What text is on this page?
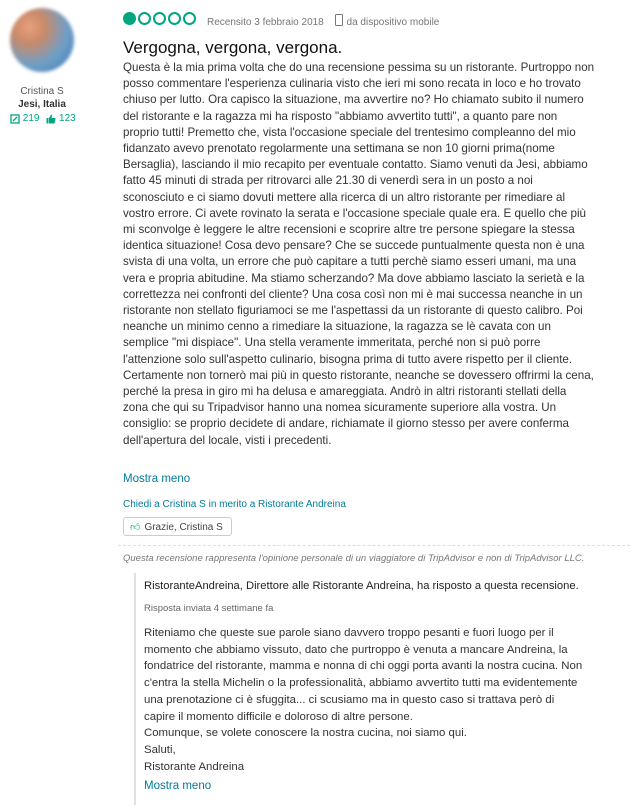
Cristina S
Jesi, Italia
219 123
Recensito 3 febbraio 2018 da dispositivo mobile
Vergogna, vergona, vergona.

Questa è la mia prima volta che do una recensione pessima su un ristorante. Purtroppo non
posso commentare l'esperienza culinaria visto che ieri mi sono recata in loco e ho trovato
chiuso per lutto. Ora capisco la situazione, ma avvertire no? Ho chiamato subito il numero
del ristorante e la ragazza mi ha risposto "abbiamo avvertito tutti", a quanto pare non
proprio tutti! Premetto che, vista l'occasione speciale del trentesimo compleanno del mio
fidanzato avevo prenotato regolarmente una settimana se non 10 giorni prima(nome
Bersaglia), lasciando il mio recapito per eventuale contatto. Siamo venuti da Jesi, abbiamo
fatto 45 minuti di strada per ritrovarci alle 21.30 di venerdì sera in un posto a noi
sconosciuto e ci siamo dovuti mettere alla ricerca di un altro ristorante per rimediare al
vostro errore. Ci avete rovinato la serata e l'occasione speciale quale era. E quello che più
mi sconvolge è leggere le altre recensioni e scoprire altre tre persone spiegare la stessa
identica situazione! Cosa devo pensare? Che se succede puntualmente questa non è una
svista di una volta, un errore che può capitare a tutti perchè siamo esseri umani, ma una
vera e propria abitudine. Ma stiamo scherzando? Ma dove abbiamo lasciato la serietà e la
correttezza nei confronti del cliente? Una cosa così non mi è mai successa neanche in un
ristorante non stellato figuriamoci se me l'aspettassi da un ristorante di questo calibro. Poi
neanche un minimo cenno a rimediare la situazione, la ragazza se lè cavata con un
semplice "mi dispiace". Una stella veramente immeritata, perché non si può porre
l'attenzione solo sull'aspetto culinario, bisogna prima di tutto avere rispetto per il cliente.
Certamente non tornerò mai più in questo ristorante, neanche se dovessero offrirmi la cena,
perché la presa in giro mi ha delusa e amareggiata. Andrò in altri ristoranti stellati della
zona che qui su Tripadvisor hanno una nomea sicuramente superiore alla vostra. Un
consiglio: se proprio decidete di andare, richiamate il giorno stesso per avere conferma
dell'apertura del locale, visti i precedenti.

Mostra meno
Chiedi a Cristina S in merito a Ristorante Andreina
👍︎ Grazie, Cristina S
Questa recensione rappresenta l'opinione personale di un viaggiatore di TripAdvisor e non di TripAdvisor LLC.
RistoranteAndreina, Direttore alle Ristorante Andreina, ha risposto a questa recensione.
Risposta inviata 4 settimane fa

Riteniamo che queste sue parole siano davvero troppo pesanti e fuori luogo per il
momento che abbiamo vissuto, dato che purtroppo è venuta a mancare Andreina, la
fondatrice del ristorante, mamma e nonna di chi oggi porta avanti la nostra cucina. Non
c'entra la stella Michelin o la professionalità, abbiamo avvertito tutti ma evidentemente
una prenotazione ci è sfuggita... ci scusiamo ma in questo caso si trattava però di
capire il momento difficile e doloroso di altre persone.
Comunque, se volete conoscere la nostra cucina, noi siamo qui.
Saluti,
Ristorante Andreina

Mostra meno
